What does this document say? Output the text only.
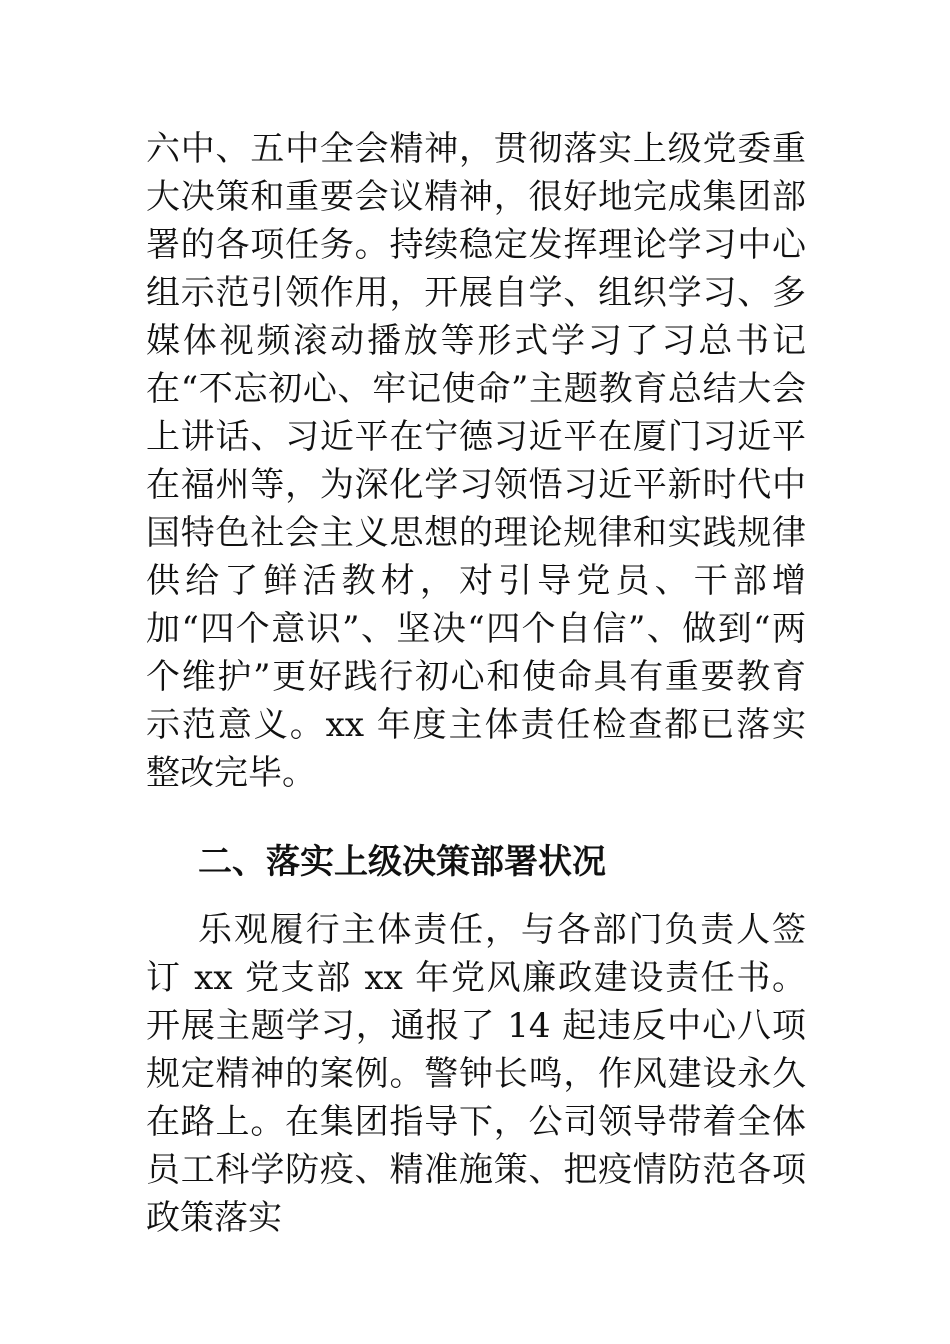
六中、五中全会精神，贯彻落实上级党委重大决策和重要会议精神，很好地完成集团部署的各项任务。持续稳定发挥理论学习中心组示范引领作用，开展自学、组织学习、多媒体视频滚动播放等形式学习了习总书记在“不忘初心、牢记使命”主题教育总结大会上讲话、习近平在宁德习近平在厦门习近平在福州等，为深化学习领悟习近平新时代中国特色社会主义思想的理论规律和实践规律供给了鲜活教材，对引导党员、干部增加“四个意识”、坚决“四个自信”、做到“两个维护”更好践行初心和使命具有重要教育示范意义。xx 年度主体责任检查都已落实整改完毕。
二、落实上级决策部署状况
乐观履行主体责任，与各部门负责人签订 xx 党支部 xx 年党风廉政建设责任书。开展主题学习，通报了 14 起违反中心八项规定精神的案例。警钟长鸣，作风建设永久在路上。在集团指导下，公司领导带着全体员工科学防疫、精准施策、把疫情防范各项政策落实
